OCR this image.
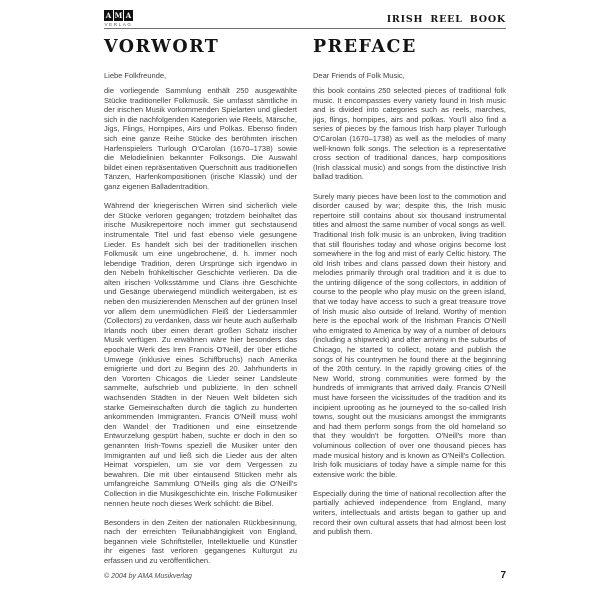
A M A
VERLAG	IRISH REEL BOOK
VORWORT

Liebe Folkfreunde,

die vorliegende Sammlung enthält 250 ausgewählte Stücke traditioneller Folkmusik. Sie umfasst sämtliche in der irischen Musik vorkommenden Spielarten und gliedert sich in die nachfolgenden Kategorien wie Reels, Märsche, Jigs, Flings, Hornpipes, Airs und Polkas. Ebenso finden sich eine ganze Reihe Stücke des berühmten irischen Harfenspielers Turlough O'Carolan (1670–1738) sowie die Melodielinien bekannter Folksongs. Die Auswahl bildet einen repräsentativen Querschnitt aus traditionellen Tänzen, Harfenkompositionen (irische Klassik) und der ganz eigenen Balladentradition.

Während der kriegerischen Wirren sind sicherlich viele der Stücke verloren gegangen; trotzdem beinhaltet das irische Musikrepertoire noch immer gut sechstausend instrumentale Titel und fast ebenso viele gesungene Lieder. Es handelt sich bei der traditionellen irischen Folkmusik um eine ungebrochene, d. h. immer noch lebendige Tradition, deren Ursprünge sich irgendwo in den Nebeln frühkeltischer Geschichte verlieren. Da die alten irischen Volksstämme und Clans ihre Geschichte und Gesänge überwiegend mündlich weitergaben, ist es neben den musizierenden Menschen auf der grünen Insel vor allem dem unermüdlichen Fleiß der Liedersammler (Collectors) zu verdanken, dass wir heute auch außerhalb Irlands noch über einen derart großen Schatz irischer Musik verfügen. Zu erwähnen wäre hier besonders das epochale Werk des Iren Francis O'Neill, der über etliche Umwege (inklusive eines Schiffbruchs) nach Amerika emigrierte und dort zu Beginn des 20. Jahrhunderts in den Vororten Chicagos die Lieder seiner Landsleute sammelte, aufschrieb und publizierte. In den schnell wachsenden Städten in der Neuen Welt bildeten sich starke Gemeinschaften durch die täglich zu hunderten ankommenden Immigranten. Francis O'Neill muss wohl den Wandel der Traditionen und eine einsetzende Entwurzelung gespürt haben, suchte er doch in den so genannten Irish-Towns speziell die Musiker unter den Immigranten auf und ließ sich die Lieder aus der alten Heimat vorspielen, um sie vor dem Vergessen zu bewahren. Die mit über eintausend Stücken mehr als umfangreiche Sammlung O'Neills ging als die O'Neill's Collection in die Musikgeschichte ein. Irische Folkmusiker nennen heute noch dieses Werk schlicht: die Bibel.

Besonders in den Zeiten der nationalen Rückbesinnung, nach der erreichten Teilunabhängigkeit von England, begannen viele Schriftsteller, Intellektuelle und Künstler ihr eigenes fast verloren gegangenes Kulturgut zu erfassen und zu veröffentlichen.

PREFACE

Dear Friends of Folk Music,

this book contains 250 selected pieces of traditional folk music. It encompasses every variety found in Irish music and is divided into categories such as reels, marches, jigs, flings, hornpipes, airs and polkas. You'll also find a series of pieces by the famous Irish harp player Turlough O'Carolan (1670–1738) as well as the melodies of many well-known folk songs. The selection is a representative cross section of traditional dances, harp compositions (Irish classical music) and songs from the distinctive Irish ballad tradition.

Surely many pieces have been lost to the commotion and disorder caused by war; despite this, the Irish music repertoire still contains about six thousand instrumental titles and almost the same number of vocal songs as well. Traditional Irish folk music is an unbroken, living tradition that still flourishes today and whose origins become lost somewhere in the fog and mist of early Celtic history. The old Irish tribes and clans passed down their history and melodies primarily through oral tradition and it is due to the untiring diligence of the song collectors, in addition of course to the people who play music on the green island, that we today have access to such a great treasure trove of Irish music also outside of Ireland. Worthy of mention here is the epochal work of the Irishman Francis O'Neill who emigrated to America by way of a number of detours (including a shipwreck) and after arriving in the suburbs of Chicago, he started to collect, notate and publish the songs of his countrymen he found there at the beginning of the 20th century. In the rapidly growing cities of the New World, strong communities were formed by the hundreds of immigrants that arrived daily. Francis O'Neill must have forseen the vicissitudes of the tradition and its incipient uprooting as he journeyed to the so-called Irish towns, sought out the musicians amongst the immigrants and had them perform songs from the old homeland so that they wouldn't be forgotten. O'Neill's more than voluminous collection of over one thousand pieces has made musical history and is known as O'Neill's Collection. Irish folk musicians of today have a simple name for this extensive work: the bible.

Especially during the time of national recollection after the partially achieved independence from England, many writers, intellectuals and artists began to gather up and record their own cultural assets that had almost been lost and publish them.

© 2004 by AMA Musikverlag	7
